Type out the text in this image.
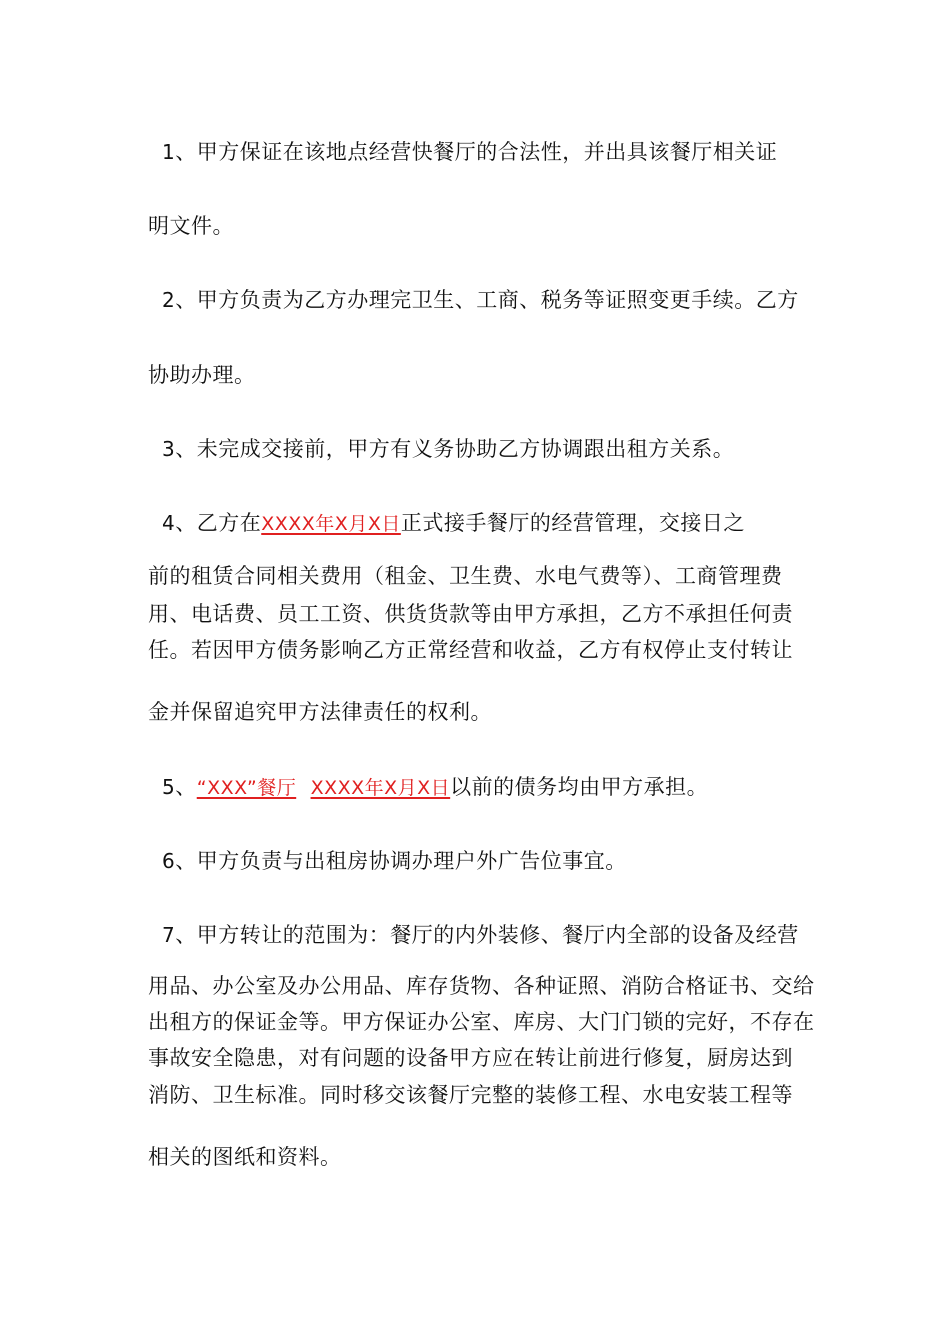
1、甲方保证在该地点经营快餐厅的合法性，并出具该餐厅相关证
明文件。
2、甲方负责为乙方办理完卫生、工商、税务等证照变更手续。乙方
协助办理。
3、未完成交接前，甲方有义务协助乙方协调跟出租方关系。
4、乙方在XXXX年X月X日正式接手餐厅的经营管理，交接日之
前的租赁合同相关费用（租金、卫生费、水电气费等）、工商管理费
用、电话费、员工工资、供货货款等由甲方承担，乙方不承担任何责
任。若因甲方债务影响乙方正常经营和收益，乙方有权停止支付转让
金并保留追究甲方法律责任的权利。
5、“XXX”餐厅 XXXX年X月X日以前的债务均由甲方承担。
6、甲方负责与出租房协调办理户外广告位事宜。
7、甲方转让的范围为：餐厅的内外装修、餐厅内全部的设备及经营
用品、办公室及办公用品、库存货物、各种证照、消防合格证书、交给
出租方的保证金等。甲方保证办公室、库房、大门门锁的完好，不存在
事故安全隐患，对有问题的设备甲方应在转让前进行修复，厨房达到
消防、卫生标准。同时移交该餐厅完整的装修工程、水电安装工程等
相关的图纸和资料。
